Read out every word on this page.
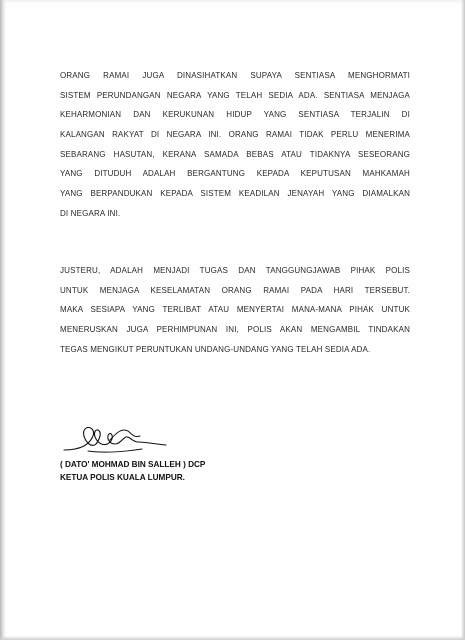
ORANG RAMAI JUGA DINASIHATKAN SUPAYA SENTIASA MENGHORMATI
SISTEM PERUNDANGAN NEGARA YANG TELAH SEDIA ADA. SENTIASA MENJAGA
KEHARMONIAN DAN KERUKUNAN HIDUP YANG SENTIASA TERJALIN DI
KALANGAN RAKYAT DI NEGARA INI. ORANG RAMAI TIDAK PERLU MENERIMA
SEBARANG HASUTAN, KERANA SAMADA BEBAS ATAU TIDAKNYA SESEORANG
YANG DITUDUH ADALAH BERGANTUNG KEPADA KEPUTUSAN MAHKAMAH
YANG BERPANDUKAN KEPADA SISTEM KEADILAN JENAYAH YANG DIAMALKAN
DI NEGARA INI.
JUSTERU, ADALAH MENJADI TUGAS DAN TANGGUNGJAWAB PIHAK POLIS
UNTUK MENJAGA KESELAMATAN ORANG RAMAI PADA HARI TERSEBUT.
MAKA SESIAPA YANG TERLIBAT ATAU MENYERTAI MANA-MANA PIHAK UNTUK
MENERUSKAN JUGA PERHIMPUNAN INI, POLIS AKAN MENGAMBIL TINDAKAN
TEGAS MENGIKUT PERUNTUKAN UNDANG-UNDANG YANG TELAH SEDIA ADA.
( DATO' MOHMAD BIN SALLEH ) DCP
KETUA POLIS KUALA LUMPUR.
